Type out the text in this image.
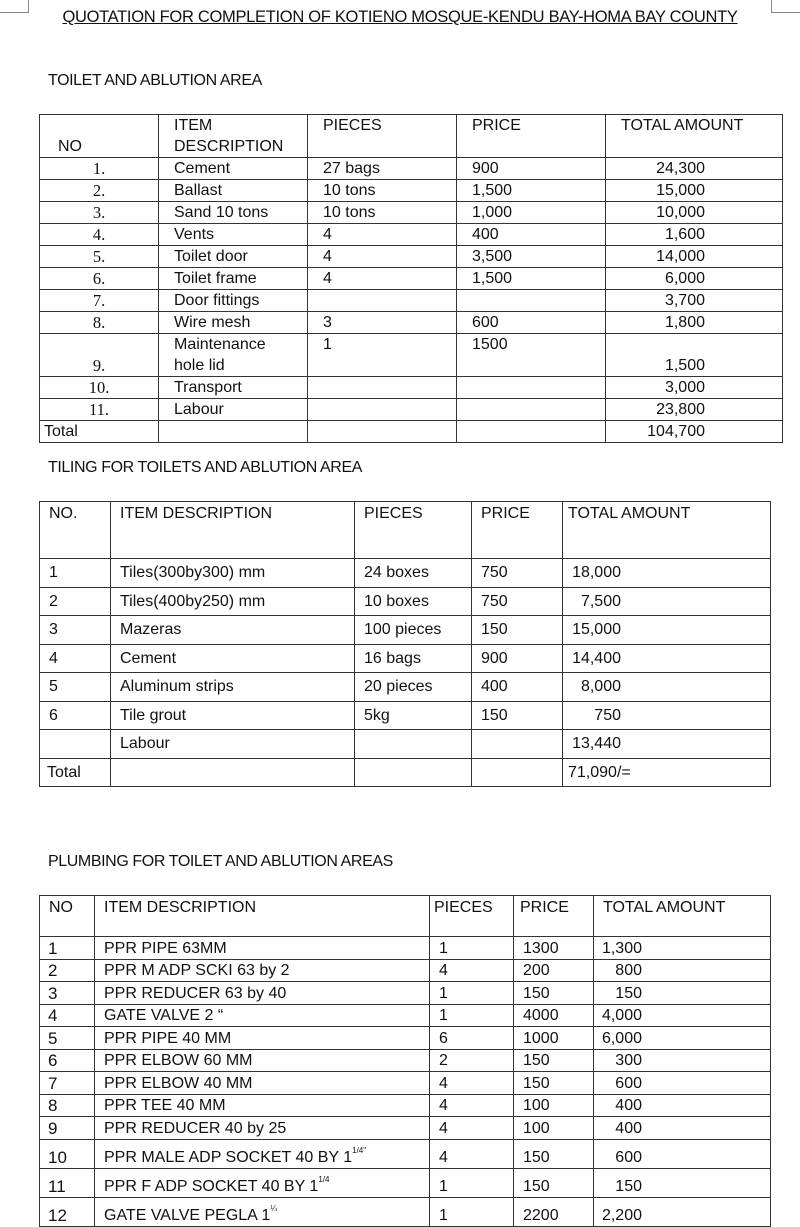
QUOTATION FOR COMPLETION OF KOTIENO MOSQUE-KENDU BAY-HOMA BAY COUNTY
TOILET AND ABLUTION AREA
NO	ITEM
DESCRIPTION	PIECES	PRICE	TOTAL AMOUNT
1.	Cement	27 bags	900	24,300
2.	Ballast	10 tons	1,500	15,000
3.	Sand 10 tons	10 tons	1,000	10,000
4.	Vents	4	400	1,600
5.	Toilet door	4	3,500	14,000
6.	Toilet frame	4	1,500	6,000
7.	Door fittings			3,700
8.	Wire mesh	3	600	1,800
9.	Maintenance
hole lid	1	1500	1,500
10.	Transport			3,000
11.	Labour			23,800
Total				104,700
TILING FOR TOILETS AND ABLUTION AREA
NO.	ITEM DESCRIPTION	PIECES	PRICE	TOTAL AMOUNT
1	Tiles(300by300) mm	24 boxes	750	18,000
2	Tiles(400by250) mm	10 boxes	750	7,500
3	Mazeras	100 pieces	150	15,000
4	Cement	16 bags	900	14,400
5	Aluminum strips	20 pieces	400	8,000
6	Tile grout	5kg	150	750
	Labour			13,440
Total				71,090/=
PLUMBING FOR TOILET AND ABLUTION AREAS
NO	ITEM DESCRIPTION	PIECES	PRICE	TOTAL AMOUNT
1	PPR PIPE 63MM	1	1300	1,300
2	PPR M ADP SCKI 63 by 2	4	200	800
3	PPR REDUCER 63 by 40	1	150	150
4	GATE VALVE 2 “	1	4000	4,000
5	PPR PIPE 40 MM	6	1000	6,000
6	PPR ELBOW 60 MM	2	150	300
7	PPR ELBOW 40 MM	4	150	600
8	PPR TEE 40 MM	4	100	400
9	PPR REDUCER 40 by 25	4	100	400
10	PPR MALE ADP SOCKET 40 BY $1^{1/4"}$	4	150	600
11	PPR F ADP SOCKET 40 BY $1^{1/4}$	1	150	150
12	GATE VALVE PEGLA $1^{\frac{1}{4}}$	1	2200	2,200
